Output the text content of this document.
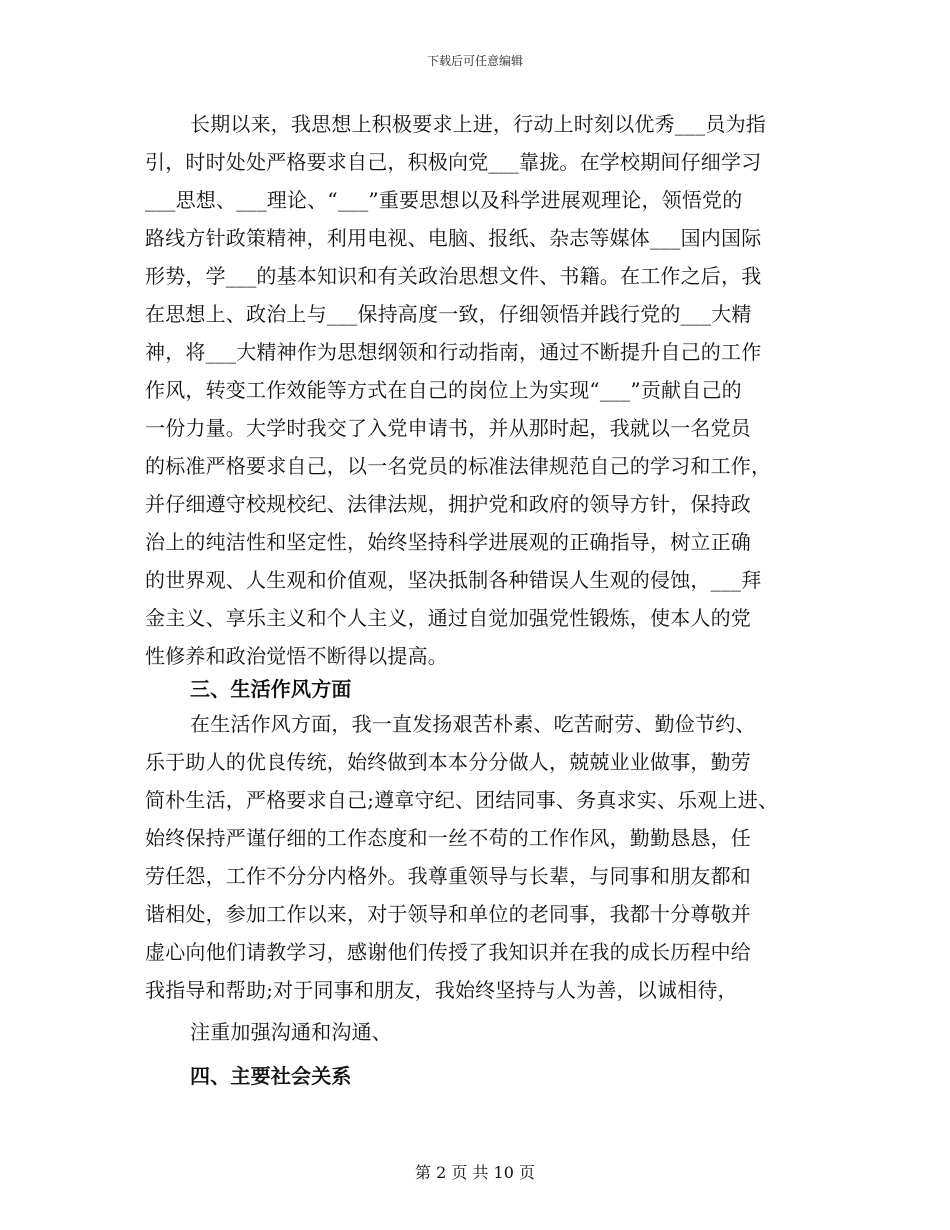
下载后可任意编辑
长期以来，我思想上积极要求上进，行动上时刻以优秀___员为指
引，时时处处严格要求自己，积极向党___靠拢。在学校期间仔细学习
___思想、___理论、“___”重要思想以及科学进展观理论，领悟党的
路线方针政策精神，利用电视、电脑、报纸、杂志等媒体___国内国际
形势，学___的基本知识和有关政治思想文件、书籍。在工作之后，我
在思想上、政治上与___保持高度一致，仔细领悟并践行党的___大精
神，将___大精神作为思想纲领和行动指南，通过不断提升自己的工作
作风，转变工作效能等方式在自己的岗位上为实现“___”贡献自己的
一份力量。大学时我交了入党申请书，并从那时起，我就以一名党员
的标准严格要求自己，以一名党员的标准法律规范自己的学习和工作，
并仔细遵守校规校纪、法律法规，拥护党和政府的领导方针，保持政
治上的纯洁性和坚定性，始终坚持科学进展观的正确指导，树立正确
的世界观、人生观和价值观，坚决抵制各种错误人生观的侵蚀，___拜
金主义、享乐主义和个人主义，通过自觉加强党性锻炼，使本人的党
性修养和政治觉悟不断得以提高。
三、生活作风方面
在生活作风方面，我一直发扬艰苦朴素、吃苦耐劳、勤俭节约、
乐于助人的优良传统，始终做到本本分分做人，兢兢业业做事，勤劳
简朴生活，严格要求自己;遵章守纪、团结同事、务真求实、乐观上进、
始终保持严谨仔细的工作态度和一丝不苟的工作作风，勤勤恳恳，任
劳任怨，工作不分分内格外。我尊重领导与长辈，与同事和朋友都和
谐相处，参加工作以来，对于领导和单位的老同事，我都十分尊敬并
虚心向他们请教学习，感谢他们传授了我知识并在我的成长历程中给
我指导和帮助;对于同事和朋友，我始终坚持与人为善，以诚相待，
注重加强沟通和沟通、
四、主要社会关系
第 2 页 共 10 页
